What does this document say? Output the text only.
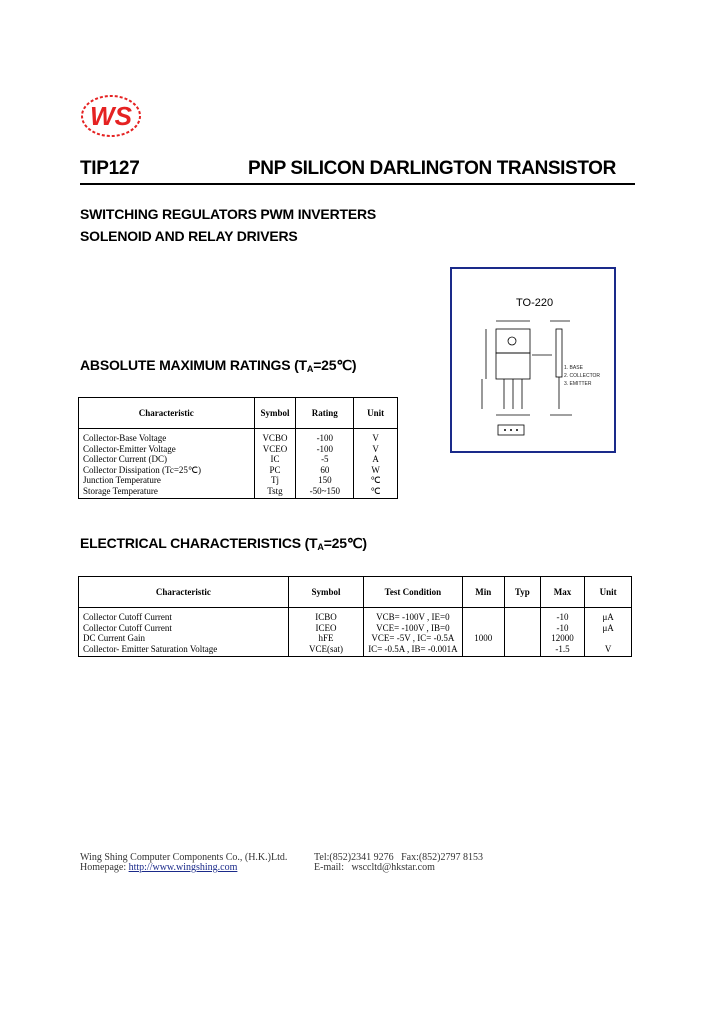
WS
TIP127	PNP SILICON DARLINGTON TRANSISTOR
SWITCHING REGULATORS PWM INVERTERS
SOLENOID AND RELAY DRIVERS
TO-220
1. BASE
2. COLLECTOR
3. EMITTER
ABSOLUTE MAXIMUM RATINGS $(T_A=25℃)$
Characteristic	Symbol	Rating	Unit
Collector-Base Voltage	VCBO	-100	V
Collector-Emitter Voltage	VCEO	-100	V
Collector Current (DC)	IC	-5	A
Collector Dissipation (Tc=25℃)	PC	60	W
Junction Temperature	Tj	150	℃
Storage Temperature	Tstg	-50~150	℃
ELECTRICAL CHARACTERISTICS $(T_A=25℃)$
Characteristic	Symbol	Test Condition	Min	Typ	Max	Unit
Collector Cutoff Current	ICBO	VCB= -100V , IE=0			-10	μA
Collector Cutoff Current	ICEO	VCE= -100V , IB=0			-10	μA
DC Current Gain	hFE	VCE= -5V , IC= -0.5A	1000		12000	
Collector- Emitter Saturation Voltage	VCE(sat)	IC= -0.5A , IB= -0.001A			-1.5	V
Wing Shing Computer Components Co., (H.K.)Ltd.
Homepage: http://www.wingshing.com
Tel:(852)2341 9276 Fax:(852)2797 8153
E-mail: wsccltd@hkstar.com
